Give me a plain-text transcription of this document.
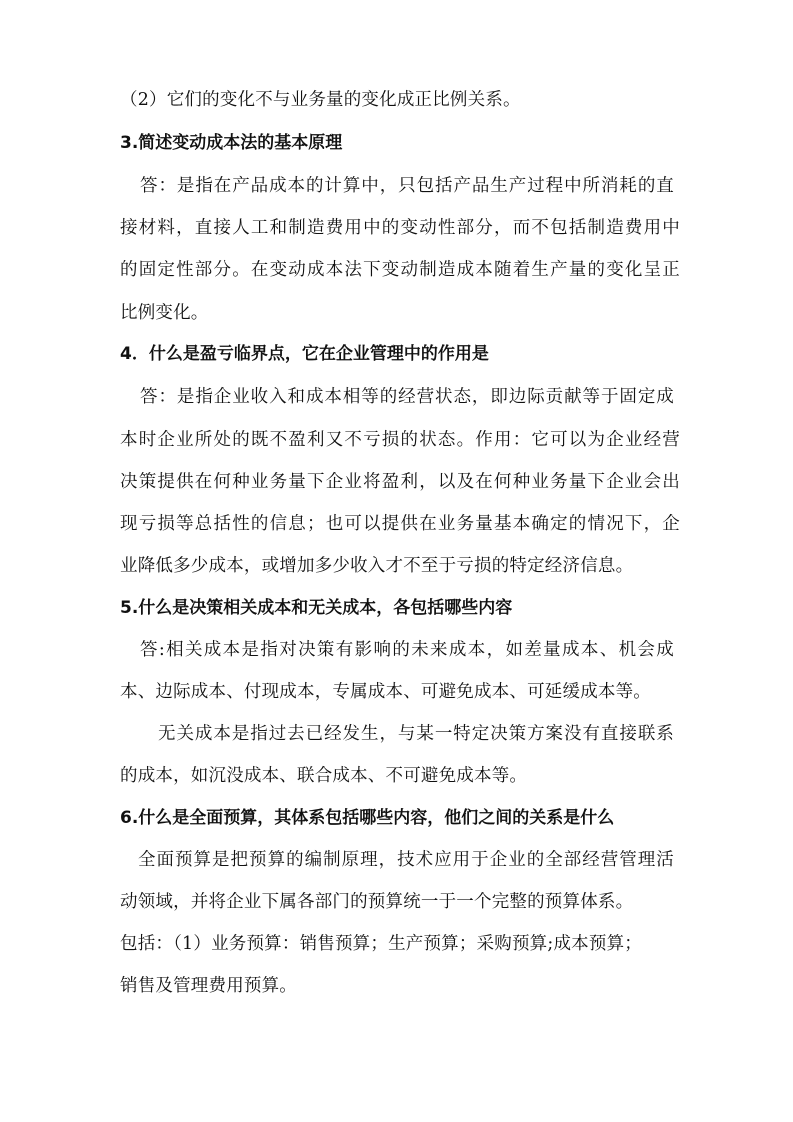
（2）它们的变化不与业务量的变化成正比例关系。
3.简述变动成本法的基本原理
答：是指在产品成本的计算中，只包括产品生产过程中所消耗的直
接材料，直接人工和制造费用中的变动性部分，而不包括制造费用中
的固定性部分。在变动成本法下变动制造成本随着生产量的变化呈正
比例变化。
4．什么是盈亏临界点，它在企业管理中的作用是
答：是指企业收入和成本相等的经营状态，即边际贡献等于固定成
本时企业所处的既不盈利又不亏损的状态。作用：它可以为企业经营
决策提供在何种业务量下企业将盈利，以及在何种业务量下企业会出
现亏损等总括性的信息；也可以提供在业务量基本确定的情况下，企
业降低多少成本，或增加多少收入才不至于亏损的特定经济信息。
5.什么是决策相关成本和无关成本，各包括哪些内容
答:相关成本是指对决策有影响的未来成本，如差量成本、机会成
本、边际成本、付现成本，专属成本、可避免成本、可延缓成本等。
无关成本是指过去已经发生，与某一特定决策方案没有直接联系
的成本，如沉没成本、联合成本、不可避免成本等。
6.什么是全面预算，其体系包括哪些内容，他们之间的关系是什么
全面预算是把预算的编制原理，技术应用于企业的全部经营管理活
动领域，并将企业下属各部门的预算统一于一个完整的预算体系。
包括：（1）业务预算：销售预算；生产预算；采购预算;成本预算；
销售及管理费用预算。
